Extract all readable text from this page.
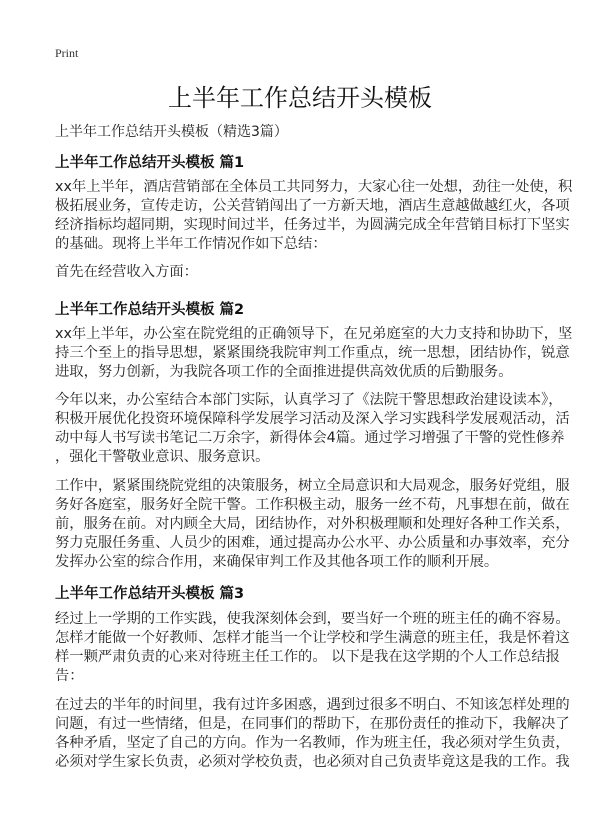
Print
上半年工作总结开头模板
上半年工作总结开头模板（精选3篇）
上半年工作总结开头模板 篇1
xx年上半年，酒店营销部在全体员工共同努力，大家心往一处想，劲往一处使，积
极拓展业务，宣传走访，公关营销闯出了一方新天地，酒店生意越做越红火，各项
经济指标均超同期，实现时间过半，任务过半，为圆满完成全年营销目标打下坚实
的基础。现将上半年工作情况作如下总结：
首先在经营收入方面：
上半年工作总结开头模板 篇2
xx年上半年，办公室在院党组的正确领导下，在兄弟庭室的大力支持和协助下，坚
持三个至上的指导思想，紧紧围绕我院审判工作重点，统一思想，团结协作，锐意
进取，努力创新，为我院各项工作的全面推进提供高效优质的后勤服务。
今年以来，办公室结合本部门实际，认真学习了《法院干警思想政治建设读本》，
积极开展优化投资环境保障科学发展学习活动及深入学习实践科学发展观活动，活
动中每人书写读书笔记二万余字，新得体会4篇。通过学习增强了干警的党性修养
，强化干警敬业意识、服务意识。
工作中，紧紧围绕院党组的决策服务，树立全局意识和大局观念，服务好党组，服
务好各庭室，服务好全院干警。工作积极主动，服务一丝不苟，凡事想在前，做在
前，服务在前。对内顾全大局，团结协作，对外积极理顺和处理好各种工作关系，
努力克服任务重、人员少的困难，通过提高办公水平、办公质量和办事效率，充分
发挥办公室的综合作用，来确保审判工作及其他各项工作的顺利开展。
上半年工作总结开头模板 篇3
经过上一学期的工作实践，使我深刻体会到，要当好一个班的班主任的确不容易。
怎样才能做一个好教师、怎样才能当一个让学校和学生满意的班主任，我是怀着这
样一颗严肃负责的心来对待班主任工作的。 以下是我在这学期的个人工作总结报
告：
在过去的半年的时间里，我有过许多困惑，遇到过很多不明白、不知该怎样处理的
问题，有过一些情绪，但是，在同事们的帮助下，在那份责任的推动下，我解决了
各种矛盾，坚定了自己的方向。作为一名教师，作为班主任，我必须对学生负责，
必须对学生家长负责，必须对学校负责，也必须对自己负责毕竟这是我的工作。我
